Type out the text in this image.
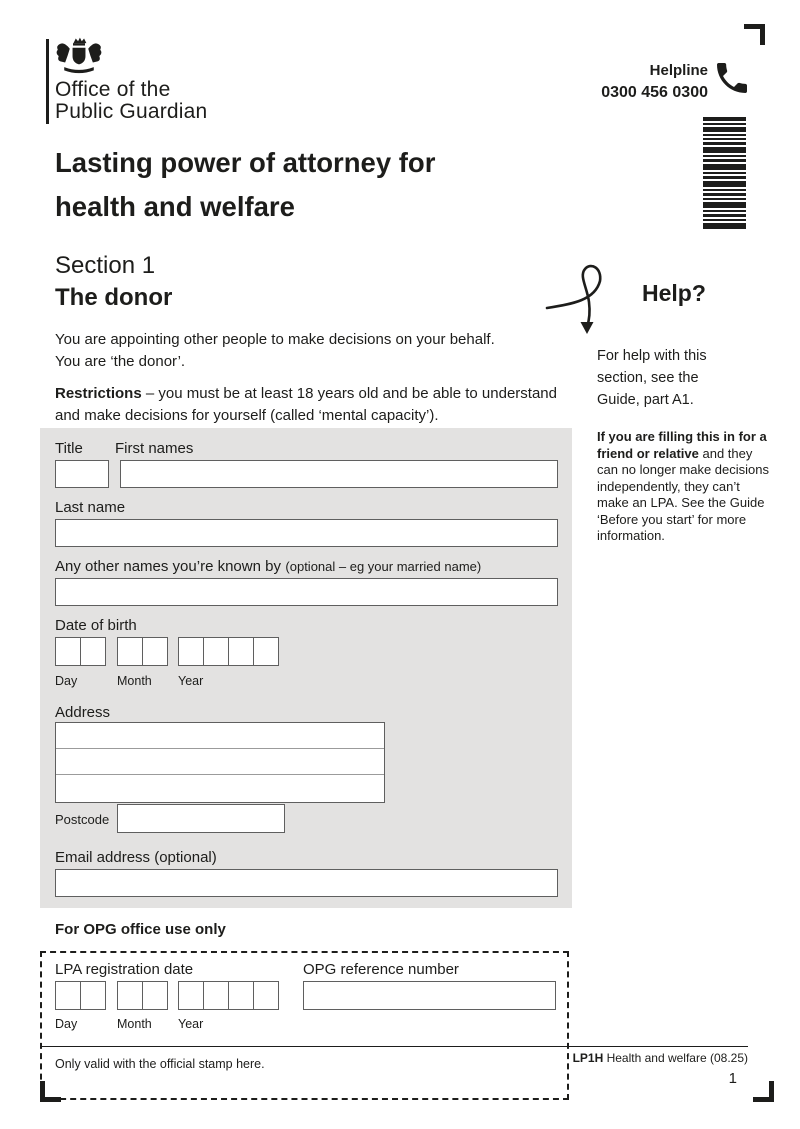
Office of the
Public Guardian
Helpline
0300 456 0300
Lasting power of attorney for
health and welfare
Section 1
The donor
You are appointing other people to make decisions on your behalf.
You are ‘the donor’.
Restrictions – you must be at least 18 years old and be able to understand
and make decisions for yourself (called ‘mental capacity’).
Help?
For help with this section, see the Guide, part A1.
If you are filling this in for a friend or relative and they can no longer make decisions independently, they can’t make an LPA. See the Guide ‘Before you start’ for more information.
Title First names
Last name
Any other names you’re known by (optional – eg your married name)
Date of birth
Day	Month Year
Address
Postcode
Email address (optional)
For OPG office use only
LPA registration date	OPG reference number
Day	Month Year
Only valid with the official stamp here.	LP1H Health and welfare (08.25)
1
